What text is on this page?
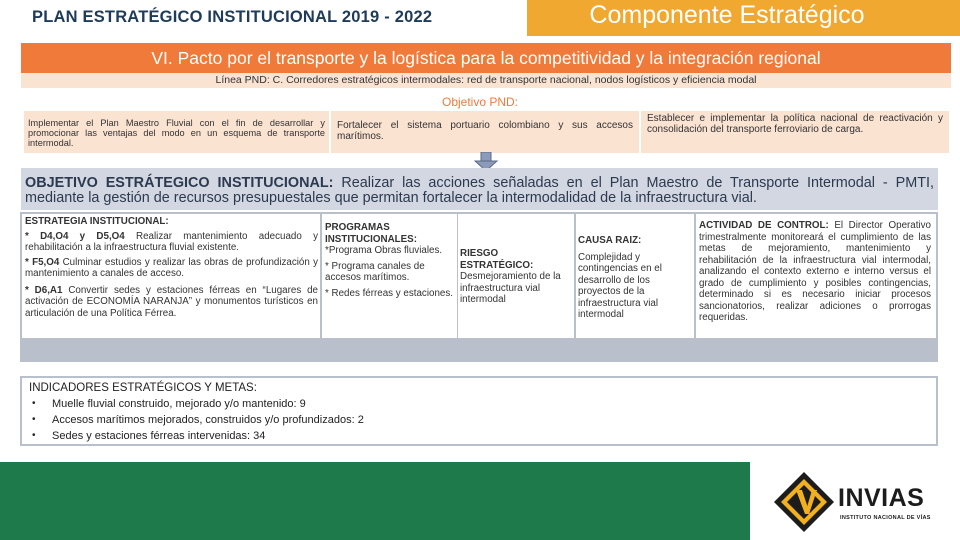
PLAN ESTRATÉGICO INSTITUCIONAL 2019 - 2022	Componente Estratégico
VI. Pacto por el transporte y la logística para la competitividad y la integración regional
Línea PND: C. Corredores estratégicos intermodales: red de transporte nacional, nodos logísticos y eficiencia modal
Objetivo PND:
Implementar el Plan Maestro Fluvial con el fin de desarrollar y promocionar las ventajas del modo en un esquema de transporte intermodal.
Fortalecer el sistema portuario colombiano y sus accesos marítimos.
Establecer e implementar la política nacional de reactivación y consolidación del transporte ferroviario de carga.
OBJETIVO ESTRÁTEGICO INSTITUCIONAL: Realizar las acciones señaladas en el Plan Maestro de Transporte Intermodal - PMTI, mediante la gestión de recursos presupuestales que permitan fortalecer la intermodalidad de la infraestructura vial.
ESTRATEGIA INSTITUCIONAL:
* D4,O4 y D5,O4 Realizar mantenimiento adecuado y rehabilitación a la infraestructura fluvial existente.
* F5,O4 Culminar estudios y realizar las obras de profundización y mantenimiento a canales de acceso.
* D6,A1 Convertir sedes y estaciones férreas en “Lugares de activación de ECONOMÍA NARANJA” y monumentos turísticos en articulación de una Política Férrea.
PROGRAMAS INSTITUCIONALES:
*Programa Obras fluviales.
* Programa canales de accesos marítimos.
* Redes férreas y estaciones.
RIESGO ESTRATÉGICO:
Desmejoramiento de la infraestructura vial intermodal
CAUSA RAIZ:
Complejidad y contingencias en el desarrollo de los proyectos de la infraestructura vial intermodal
ACTIVIDAD DE CONTROL: El Director Operativo trimestralmente monitoreará el cumplimiento de las metas de mejoramiento, mantenimiento y rehabilitación de la infraestructura vial intermodal, analizando el contexto externo e interno versus el grado de cumplimiento y posibles contingencias, determinado si es necesario iniciar procesos sancionatorios, realizar adiciones o prorrogas requeridas.
INDICADORES ESTRATÉGICOS Y METAS:
• Muelle fluvial construido, mejorado y/o mantenido: 9
• Accesos marítimos mejorados, construidos y/o profundizados: 2
• Sedes y estaciones férreas intervenidas: 34
INVIAS
INSTITUTO NACIONAL DE VÍAS
